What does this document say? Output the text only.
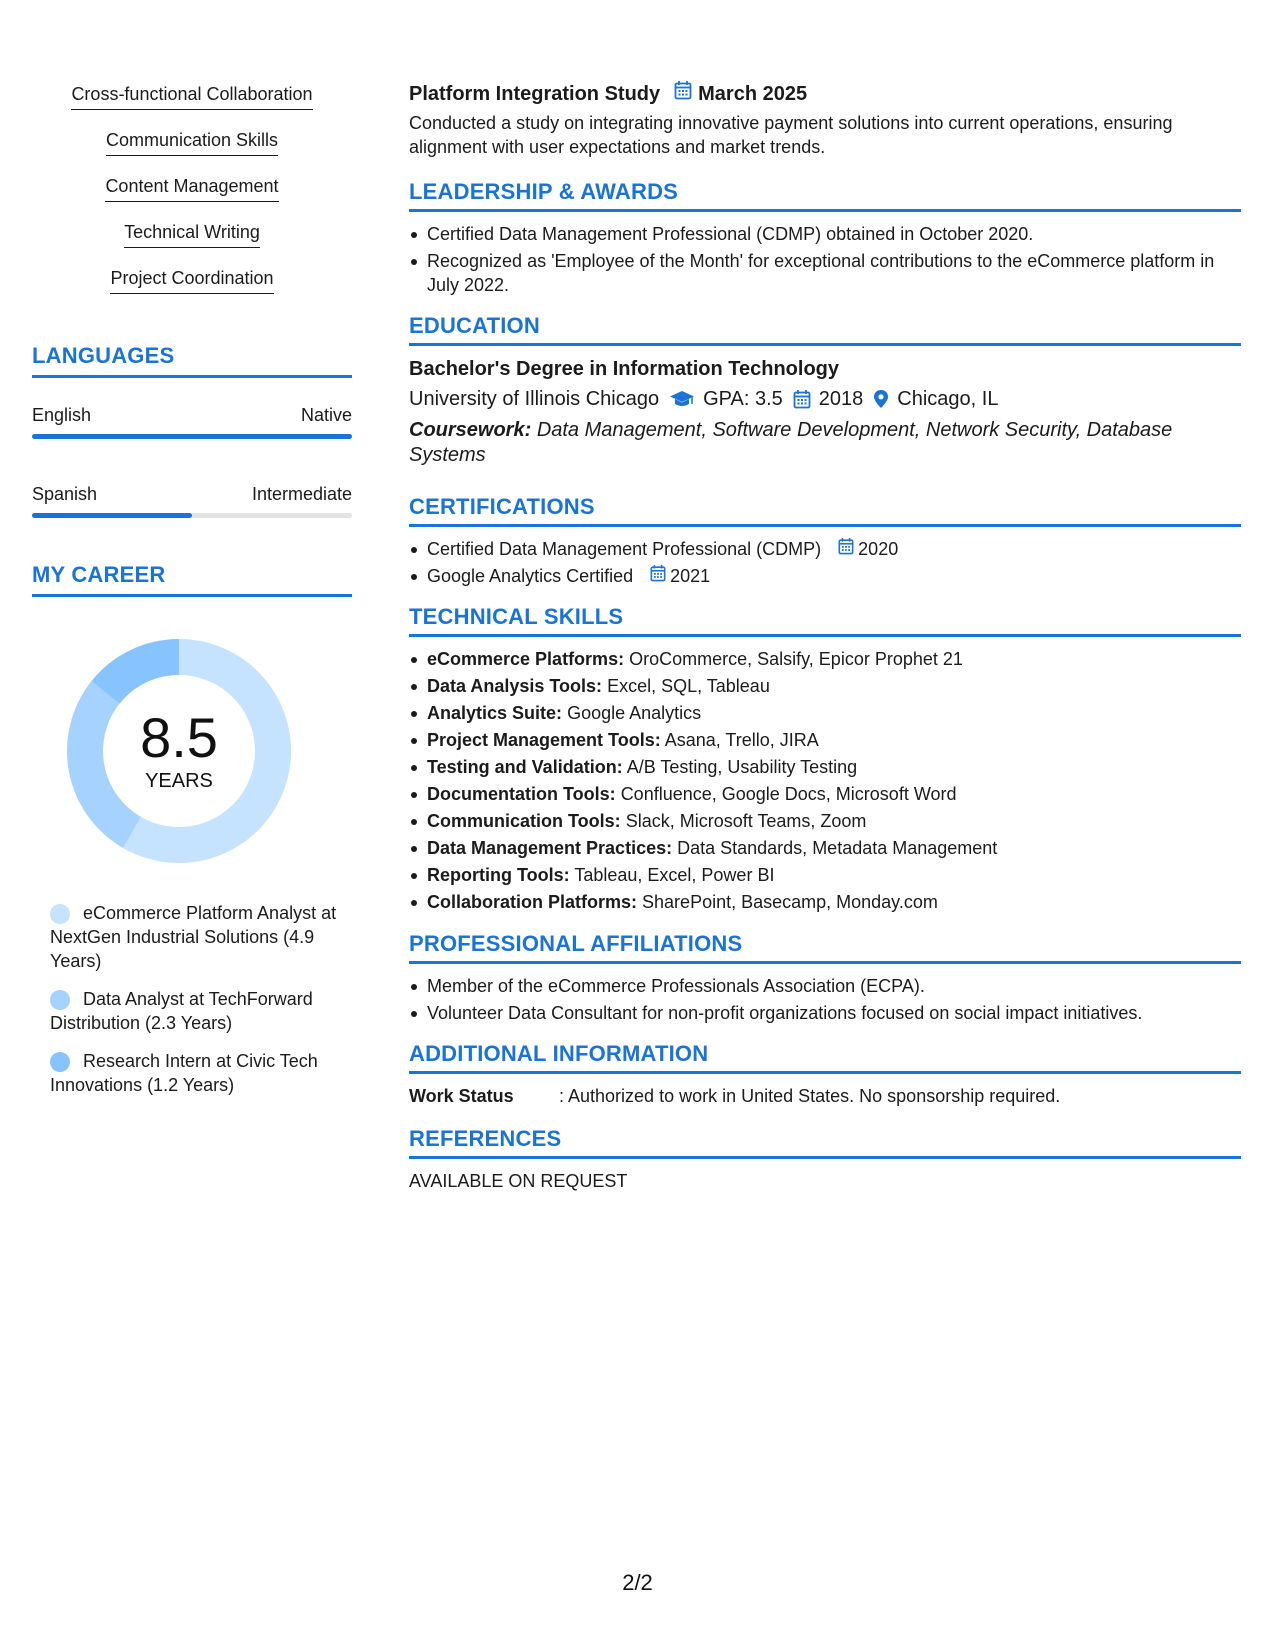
Cross-functional Collaboration
Communication Skills
Content Management
Technical Writing
Project Coordination
LANGUAGES
English	Native
Spanish	Intermediate
MY CAREER
8.5
YEARS
eCommerce Platform Analyst at NextGen Industrial Solutions (4.9 Years)
Data Analyst at TechForward Distribution (2.3 Years)
Research Intern at Civic Tech Innovations (1.2 Years)
Platform Integration Study March 2025
Conducted a study on integrating innovative payment solutions into current operations, ensuring alignment with user expectations and market trends.
LEADERSHIP & AWARDS
Certified Data Management Professional (CDMP) obtained in October 2020.
Recognized as 'Employee of the Month' for exceptional contributions to the eCommerce platform in July 2022.
EDUCATION
Bachelor's Degree in Information Technology
University of Illinois Chicago GPA: 3.5 2018 Chicago, IL
Coursework: Data Management, Software Development, Network Security, Database Systems
CERTIFICATIONS
Certified Data Management Professional (CDMP) 2020
Google Analytics Certified 2021
TECHNICAL SKILLS
eCommerce Platforms: OroCommerce, Salsify, Epicor Prophet 21
Data Analysis Tools: Excel, SQL, Tableau
Analytics Suite: Google Analytics
Project Management Tools: Asana, Trello, JIRA
Testing and Validation: A/B Testing, Usability Testing
Documentation Tools: Confluence, Google Docs, Microsoft Word
Communication Tools: Slack, Microsoft Teams, Zoom
Data Management Practices: Data Standards, Metadata Management
Reporting Tools: Tableau, Excel, Power BI
Collaboration Platforms: SharePoint, Basecamp, Monday.com
PROFESSIONAL AFFILIATIONS
Member of the eCommerce Professionals Association (ECPA).
Volunteer Data Consultant for non-profit organizations focused on social impact initiatives.
ADDITIONAL INFORMATION
Work Status	: Authorized to work in United States. No sponsorship required.
REFERENCES
AVAILABLE ON REQUEST
2/2
